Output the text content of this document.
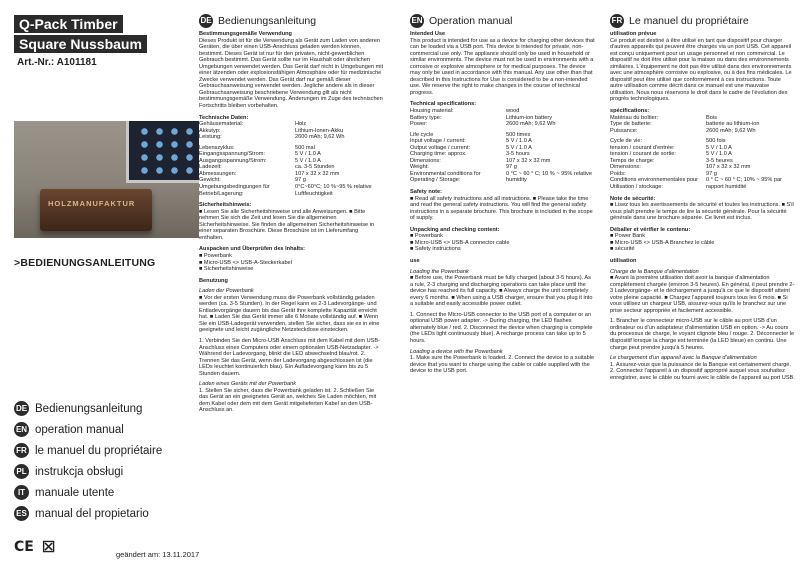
Q-Pack Timber
Square Nussbaum
Art.-Nr.: A101181
HOLZMANUFAKTUR
>BEDIENUNGSANLEITUNG
DE Bedienungsanleitung
EN operation manual
FR le manuel du propriétaire
PL instrukcja obsługi
IT manuale utente
ES manual del propietario
CE ☒	geändert am: 13.11.2017
DE Bedienungsanleitung
Bestimmungsgemäße Verwendung
Dieses Produkt ist für die Verwendung als Gerät zum Laden von anderen Geräten, die über einen USB-Anschluss geladen werden können, bestimmt. Dieses Gerät ist nur für den privaten, nicht-gewerblichen Gebrauch bestimmt. Das Gerät sollte nur im Haushalt oder ähnlichen Umgebungen verwendet werden. Das Gerät darf nicht in Umgebungen mit einer ätzenden oder explosionsfähigen Atmosphäre oder für medizinische Zwecke verwendet werden. Das Gerät darf nur gemäß dieser Gebrauchsanweisung verwendet werden. Jegliche andere als in dieser Gebrauchsanweisung beschriebene Verwendung gilt als nicht bestimmungsgemäße Verwendung. Änderungen im Zuge des technischen Fortschritts bleiben vorbehalten.
Technische Daten:
Gehäusematerial:	Holz
Akkutyp:	Lithium-Ionen-Akku
Leistung:	2600 mAh; 9,62 Wh
Lebenszyklus:	500 mal
Eingangsspannung/Strom:	5 V / 1.0 A
Ausgangsspannung/Strom:	5 V / 1.0 A
Ladezeit:	ca. 3-5 Stunden
Abmessungen:	107 x 32 x 32 mm
Gewicht:	97 g
Umgebungsbedingungen für Betrieb/Lagerung:
0°C~60°C; 10 %~95 % relative Luftfeuchtigkeit
Sicherheitshinweis:
■ Lesen Sie alle Sicherheitshinweise und alle Anweisungen. ■ Bitte nehmen Sie sich die Zeit und lesen Sie die allgemeinen Sicherheitshinweise. Sie finden die allgemeinen Sicherheitshinweise in einer separaten Broschüre. Diese Broschüre ist im Lieferumfang enthalten.
Auspacken und Überprüfen des Inhalts:
■ Powerbank
■ Micro-USB <> USB-A-Steckerkabel
■ Sicherheitshinweise
Benutzung
Laden der Powerbank
■ Vor der ersten Verwendung muss die Powerbank vollständig geladen werden (ca. 3-5 Stunden). In der Regel kann es 2-3 Ladevorgänge- und Entladevorgänge dauern bis das Gerät ihre komplette Kapazität erreicht hat. ■ Laden Sie das Gerät immer alle 6 Monate vollständig auf. ■ Wenn Sie ein USB-Ladegerät verwenden, stellen Sie sicher, dass sie es in eine geeignete und leicht zugängliche Netzsteckdose einstecken.
1. Verbinden Sie den Micro-USB Anschluss mit dem Kabel mit dem USB-Anschluss eines Computers oder einem optionalen USB-Netzadapter. -> Während der Ladevorgang, blinkt die LED abwechselnd blau/rot. 2. Trennen Sie das Gerät, wenn der Ladevorgang abgeschlossen ist (die LEDs leuchtet kontinuierlich blau). Ein Aufladevorgang kann bis zu 5 Stunden dauern.
Laden eines Geräts mit der Powerbank
1. Stellen Sie sicher, dass die Powerbank geladen ist. 2. Schließen Sie das Gerät an ein geeignetes Gerät an, welches Sie Laden möchten, mit dem Kabel oder dem mit dem Gerät mitgelieferten Kabel an den USB-Anschluss an.
EN Operation manual
Intended Use
This product is intended for use as a device for charging other devices that can be loaded via a USB port. This device is intended for private, non-commercial use only. The appliance should only be used in household or similar environments. The device must not be used in environments with a corrosive or explosive atmosphere or for medical purposes. The device may only be used in accordance with this manual. Any use other than that described in this Instructions for Use is considered to be a non-intended use. We reserve the right to make changes in the course of technical progress.
Technical specifications:
Housing material:	wood
Battery type:	Lithium-ion battery
Power:	2600 mAh; 9,62 Wh
Life cycle	500 times
Input voltage / current:	5 V / 1.0 A
Output voltage / current:	5 V / 1.0 A
Charging time: approx.	3-5 hours
Dimensions:	107 x 32 x 32 mm
Weight:	97 g
Environmental conditions for Operating / Storage:
0 °C ~ 60 ° C; 10 % ~ 95% relative humidity
Safety note:
■ Read all safety instructions and all instructions. ■ Please take the time and read the general safety instructions. You will find the general safety instructions in a separate brochure. This brochure is included in the scope of supply.
Unpacking and checking content:
■ Powerbank
■ Micro-USB <> USB-A connector cable
■ Safety instructions
use
Loading the Powerbank
■ Before use, the Powerbank must be fully charged (about 3-5 hours). As a rule, 2-3 charging and discharging operations can take place until the device has reached its full capacity. ■ Always charge the unit completely every 6 months. ■ When using a USB charger, ensure that you plug it into a suitable and easily accessible power outlet.
1. Connect the Micro-USB connector to the USB port of a computer or an optional USB power adapter. -> During charging, the LED flashes alternately blue / red. 2. Disconnect the device when charging is complete (the LEDs light continuously blue). A recharge process can take up to 5 hours.
Loading a device with the Powerbank
1. Make sure the Powerbank is loaded. 2. Connect the device to a suitable device that you want to charge using the cable or cable supplied with the device to the USB port.
FR Le manuel du propriétaire
utilisation prévue
Ce produit est destiné à être utilisé en tant que dispositif pour charger d'autres appareils qui peuvent être chargés via un port USB. Cet appareil est conçu uniquement pour un usage personnel et non commercial. Le dispositif ne doit être utilisé pour la maison ou dans des environnements similaires. L'équipement ne doit pas être utilisé dans des environnements avec une atmosphère corrosive ou explosive, ou à des fins médicales. Le dispositif peut être utilisé que conformément à ces instructions. Toute autre utilisation comme décrit dans ce manuel est une mauvaise utilisation. Nous nous réservons le droit dans le cadre de l'évolution des progrès technologiques.
spécifications:
Matériau du boîtier:	Bois
Type de batterie:	batterie au lithium-ion
Puissance:	2600 mAh; 9,62 Wh
Cycle de vie:	500 fois
tension / courant d'entrée:	5 V / 1.0 A
tension / courant de sortie:	5 V / 1.0 A
Temps de charge:	3-5 heures
Dimensions:	107 x 32 x 32 mm
Poids:	97 g
Conditions environnementales pour Utilisation / stockage:
0 ° C ~ 60 ° C; 10% ~ 95% par rapport humidité
Note de sécurité:
■ Lisez tous les avertissements de sécurité et toutes les instructions. ■ S'il vous plaît prendre le temps de lire la sécurité générale. Pour la sécurité générale dans une brochure séparée. Ce livret est inclus.
Déballer et vérifier le contenu:
■ Power Bank
■ Micro-USB <> USB-A Branchez le câble
■ sécurité
utilisation
Charge de la Banque d'alimentation
■ Avant la première utilisation doit avoir la banque d'alimentation complètement chargée (environ 3-5 heures). En général, il peut prendre 2-3 Ladevorgänge- et le déchargement a jusqu'à ce que le dispositif atteint votre pleine capacité. ■ Chargez l'appareil toujours tous les 6 mois. ■ Si vous utilisez un chargeur USB, assurez-vous qu'ils le branchez sur une prise secteur appropriée et facilement accessible.
1. Brancher le connecteur micro-USB sur le câble au port USB d'un ordinateur ou d'un adaptateur d'alimentation USB en option. -> Au cours du processus de charge, le voyant clignote bleu / rouge. 2. Déconnecter le dispositif lorsque la charge est terminée (la LED bleue) en continu. Une charge peut prendre jusqu'à 5 heures.
Le chargement d'un appareil avec la Banque d'alimentation
1. Assurez-vous que la puissance de la Banque est certainement chargé. 2. Connectez l'appareil à un dispositif approprié auquel vous souhaitez enregistrer, avec le câble ou fourni avec le câble de l'appareil au port USB.
